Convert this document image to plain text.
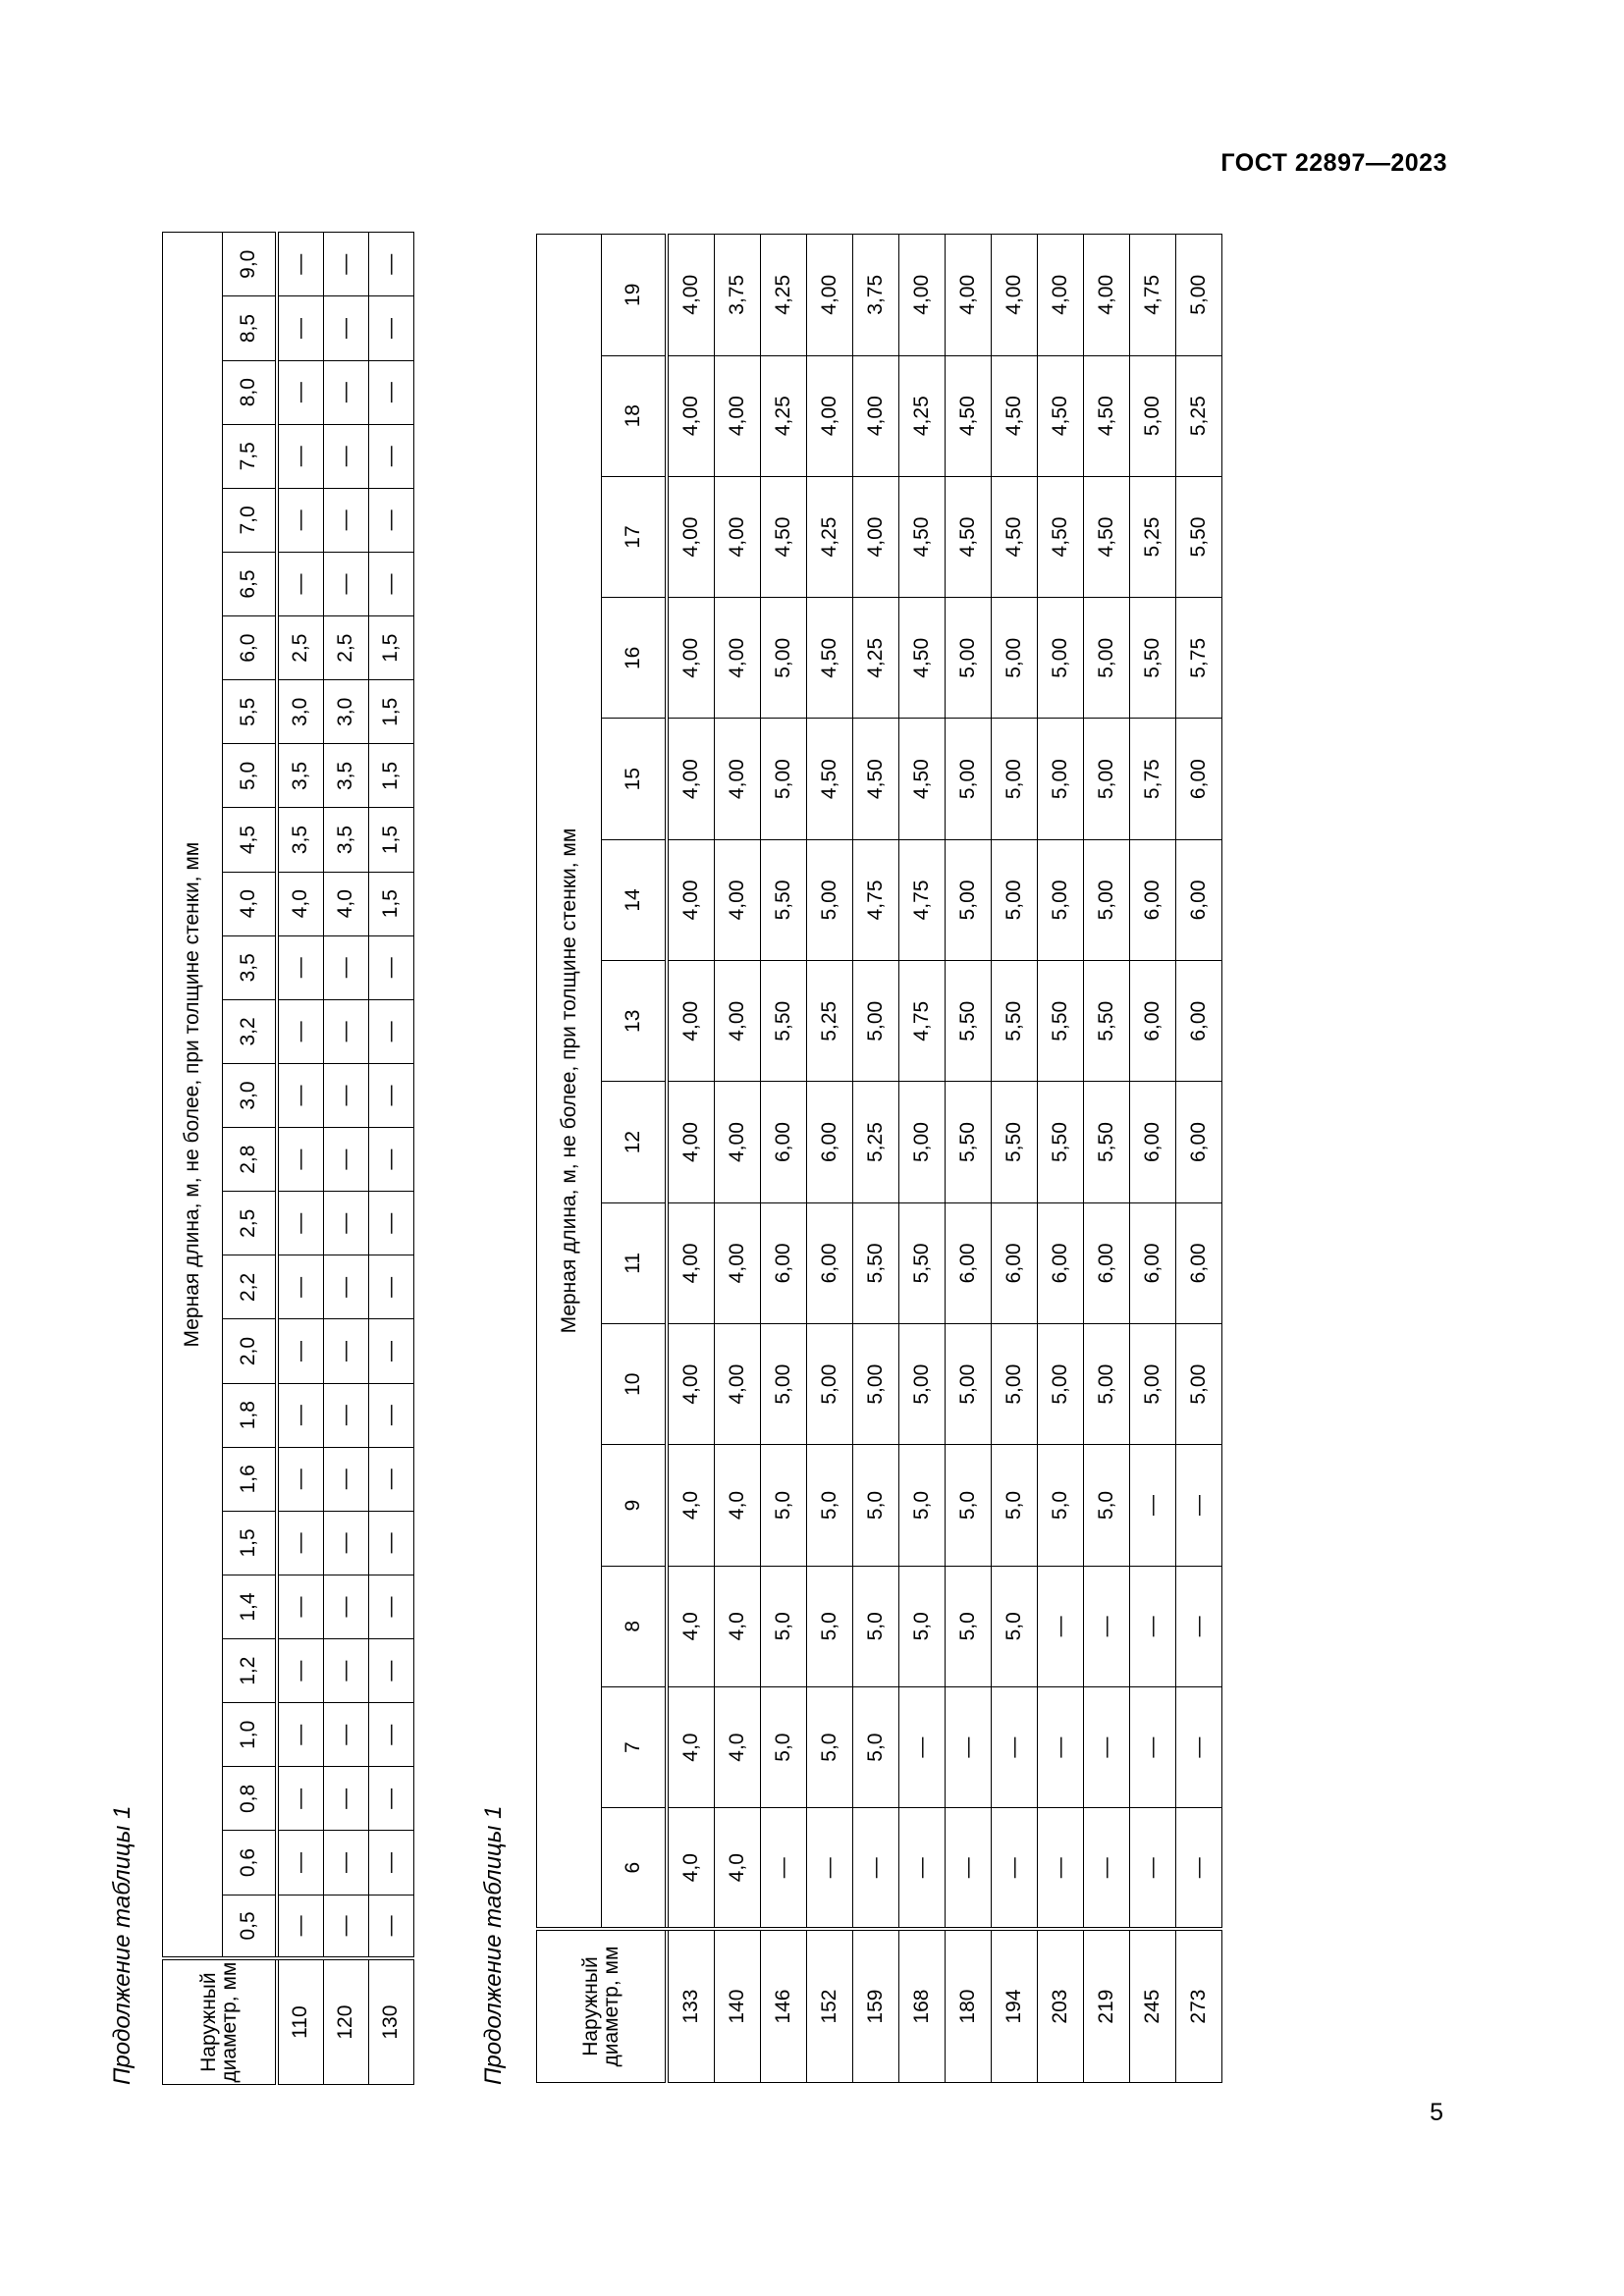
ГОСТ 22897—2023
5
Продолжение таблицы 1	Наружный диаметр, мм	Мерная длина, м, не более, при толщине стенки, мм																										
	0,5	0,6	0,8	1,0	1,2	1,4	1,5	1,6	1,8	2,0	2,2	2,5	2,8	3,0	3,2	3,5	4,0	4,5	5,0	5,5	6,0	6,5	7,0	7,5	8,0	8,5	9,0
110	—	—	—	—	—	—	—	—	—	—	—	—	—	—	—	—	4,0	3,5	3,5	3,0	2,5	—	—	—	—	—	—
120	—	—	—	—	—	—	—	—	—	—	—	—	—	—	—	—	4,0	3,5	3,5	3,0	2,5	—	—	—	—	—	—
130	—	—	—	—	—	—	—	—	—	—	—	—	—	—	—	—	1,5	1,5	1,5	1,5	1,5	—	—	—	—	—	—
Продолжение таблицы 1	Наружный диаметр, мм	Мерная длина, м, не более, при толщине стенки, мм													
	6	7	8	9	10	11	12	13	14	15	16	17	18	19
133	4,0	4,0	4,0	4,0	4,00	4,00	4,00	4,00	4,00	4,00	4,00	4,00	4,00	4,00
140	4,0	4,0	4,0	4,0	4,00	4,00	4,00	4,00	4,00	4,00	4,00	4,00	4,00	3,75
146	—	5,0	5,0	5,0	5,00	6,00	6,00	5,50	5,50	5,00	5,00	4,50	4,25	4,25
152	—	5,0	5,0	5,0	5,00	6,00	6,00	5,25	5,00	4,50	4,50	4,25	4,00	4,00
159	—	5,0	5,0	5,0	5,00	5,50	5,25	5,00	4,75	4,50	4,25	4,00	4,00	3,75
168	—	—	5,0	5,0	5,00	5,50	5,00	4,75	4,75	4,50	4,50	4,50	4,25	4,00
180	—	—	5,0	5,0	5,00	6,00	5,50	5,50	5,00	5,00	5,00	4,50	4,50	4,00
194	—	—	5,0	5,0	5,00	6,00	5,50	5,50	5,00	5,00	5,00	4,50	4,50	4,00
203	—	—	—	5,0	5,00	6,00	5,50	5,50	5,00	5,00	5,00	4,50	4,50	4,00
219	—	—	—	5,0	5,00	6,00	5,50	5,50	5,00	5,00	5,00	4,50	4,50	4,00
245	—	—	—	—	5,00	6,00	6,00	6,00	6,00	5,75	5,50	5,25	5,00	4,75
273	—	—	—	—	5,00	6,00	6,00	6,00	6,00	6,00	5,75	5,50	5,25	5,00
